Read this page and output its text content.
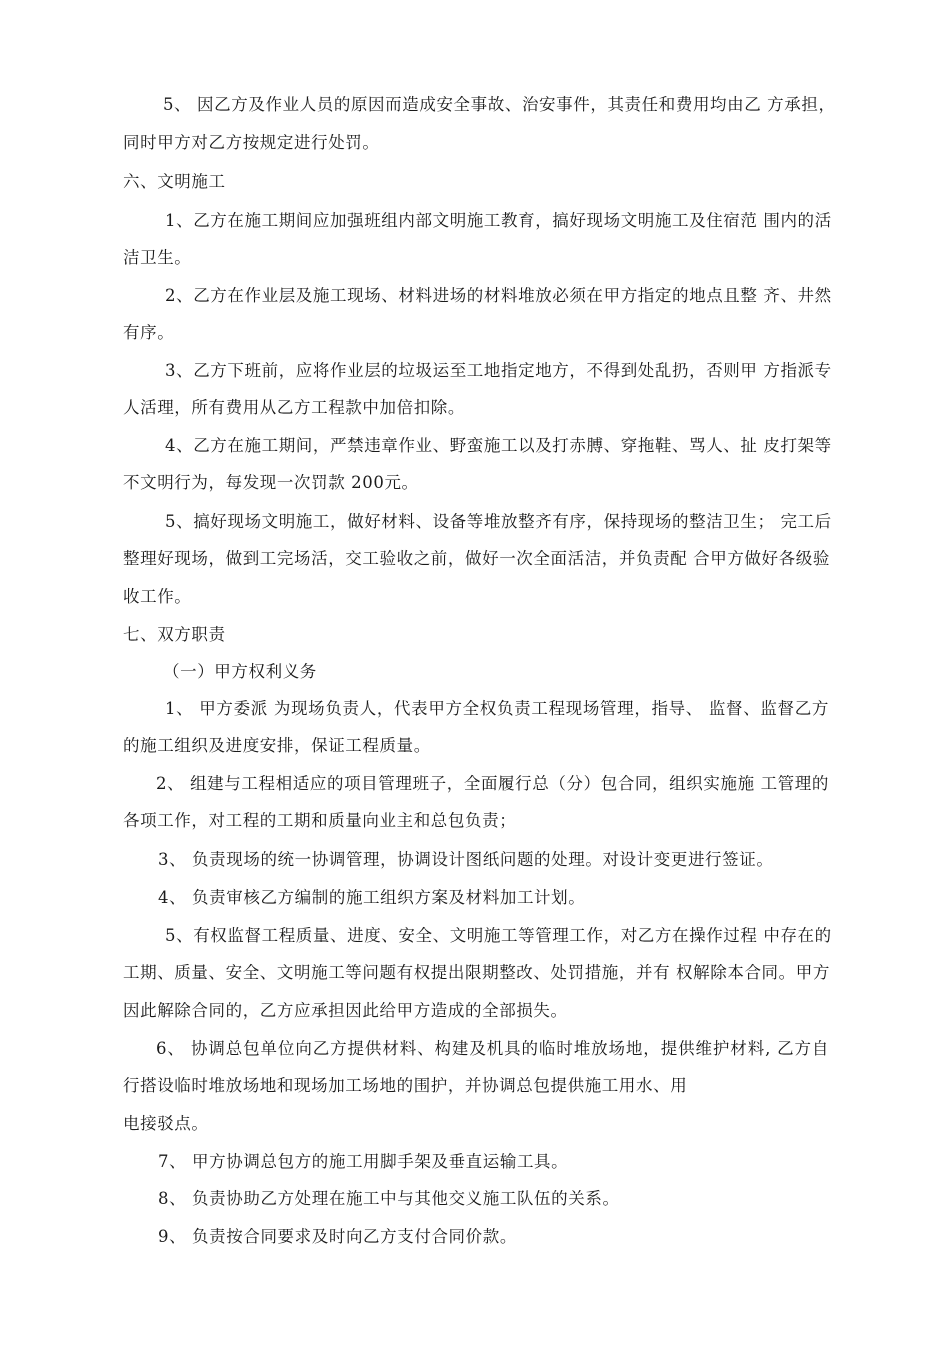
5、 因乙方及作业人员的原因而造成安全事故、治安事件，其责任和费用均由乙 方承担，
同时甲方对乙方按规定进行处罚。
六、文明施工
1、乙方在施工期间应加强班组内部文明施工教育，搞好现场文明施工及住宿范 围内的活
洁卫生。
2、乙方在作业层及施工现场、材料进场的材料堆放必须在甲方指定的地点且整 齐、井然
有序。
3、乙方下班前，应将作业层的垃圾运至工地指定地方，不得到处乱扔，否则甲 方指派专
人活理，所有费用从乙方工程款中加倍扣除。
4、乙方在施工期间，严禁违章作业、野蛮施工以及打赤膊、穿拖鞋、骂人、扯 皮打架等
不文明行为，每发现一次罚款 200元。
5、搞好现场文明施工，做好材料、设备等堆放整齐有序，保持现场的整洁卫生； 完工后
整理好现场，做到工完场活，交工验收之前，做好一次全面活洁，并负责配 合甲方做好各级验
收工作。
七、双方职责
（一）甲方权利义务
1、 甲方委派 为现场负责人，代表甲方全权负责工程现场管理，指导、 监督、监督乙方
的施工组织及进度安排，保证工程质量。
2、 组建与工程相适应的项目管理班子，全面履行总（分）包合同，组织实施施 工管理的
各项工作，对工程的工期和质量向业主和总包负责；
3、 负责现场的统一协调管理，协调设计图纸问题的处理。对设计变更进行签证。
4、 负责审核乙方编制的施工组织方案及材料加工计划。
5、有权监督工程质量、进度、安全、文明施工等管理工作，对乙方在操作过程 中存在的
工期、质量、安全、文明施工等问题有权提出限期整改、处罚措施，并有 权解除本合同。甲方
因此解除合同的，乙方应承担因此给甲方造成的全部损失。
6、 协调总包单位向乙方提供材料、构建及机具的临时堆放场地，提供维护材料, 乙方自
行搭设临时堆放场地和现场加工场地的围护，并协调总包提供施工用水、用
电接驳点。
7、 甲方协调总包方的施工用脚手架及垂直运输工具。
8、 负责协助乙方处理在施工中与其他交义施工队伍的关系。
9、 负责按合同要求及时向乙方支付合同价款。
